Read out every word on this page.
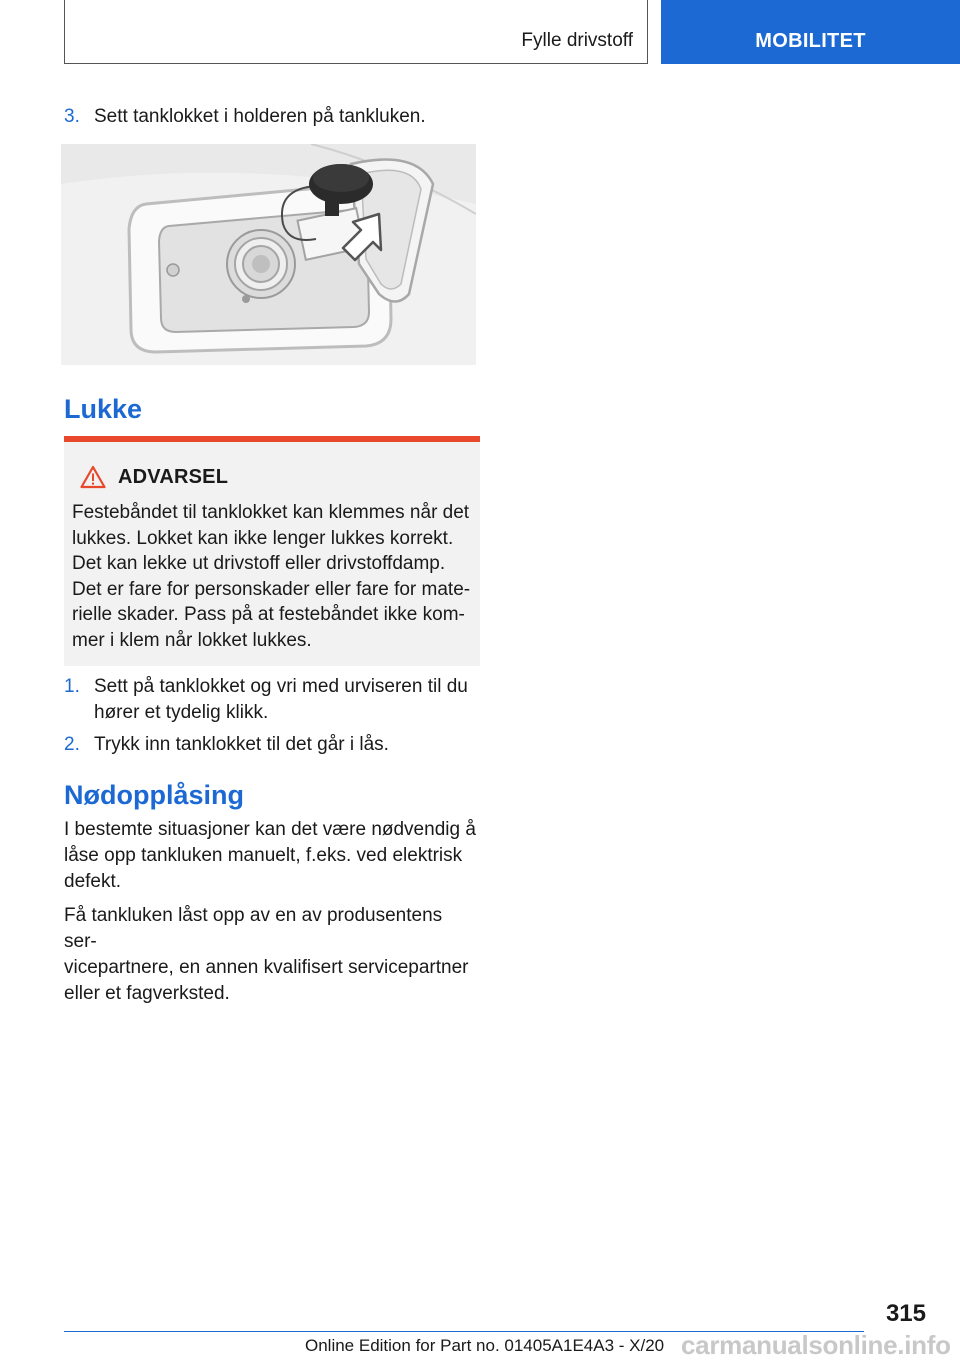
Fylle drivstoff	MOBILITET
3. Sett tanklokket i holderen på tankluken.
Lukke
ADVARSEL
Festebåndet til tanklokket kan klemmes når det
lukkes. Lokket kan ikke lenger lukkes korrekt.
Det kan lekke ut drivstoff eller drivstoffdamp.
Det er fare for personskader eller fare for mate-
rielle skader. Pass på at festebåndet ikke kom-
mer i klem når lokket lukkes.
1. Sett på tanklokket og vri med urviseren til du
hører et tydelig klikk.
2. Trykk inn tanklokket til det går i lås.
Nødopplåsing
I bestemte situasjoner kan det være nødvendig å
låse opp tankluken manuelt, f.eks. ved elektrisk
defekt.
Få tankluken låst opp av en av produsentens ser-
vicepartnere, en annen kvalifisert servicepartner
eller et fagverksted.
315
Online Edition for Part no. 01405A1E4A3 - X/20 carmanualsonline.info
